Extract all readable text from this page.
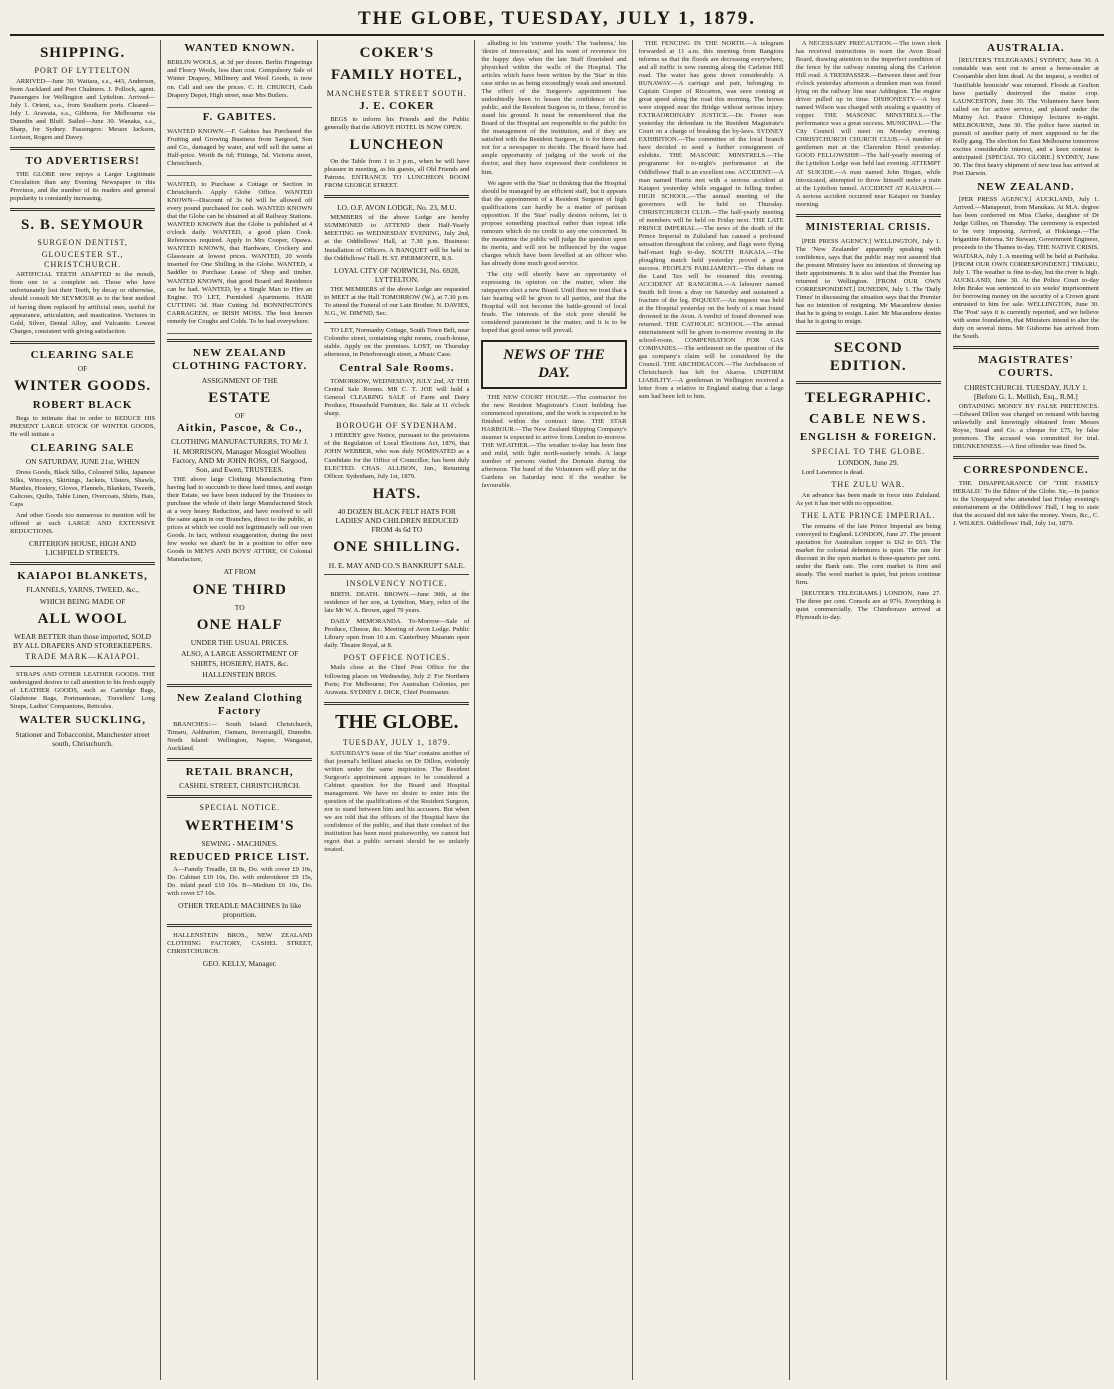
THE GLOBE, TUESDAY, JULY 1, 1879.
SHIPPING.
PORT OF LYTTELTON

ARRIVED—June 30. Waitara, s.s., 443, Anderson, from Auckland and Port Chalmers. J. Pollock, agent. Passengers for Wellington and Lyttelton. Arrived—July 1. Orient, s.s., from Southern ports. Cleared—July 1. Arawata, s.s., Gibbons, for Melbourne via Dunedin and Bluff. Sailed—June 30. Wanaka, s.s., Sharp, for Sydney. Passengers: Messrs Jackson, Lorison, Rogers and Davey.

TO ADVERTISERS!

THE GLOBE now enjoys a Larger Legitimate Circulation than any Evening Newspaper in this Province, and the number of its readers and general popularity is constantly increasing.

S. B. SEYMOUR
SURGEON DENTIST,
GLOUCESTER ST., CHRISTCHURCH.

ARTIFICIAL TEETH ADAPTED to the mouth, from one to a complete set. Those who have unfortunately lost their Teeth, by decay or otherwise, should consult Mr SEYMOUR as to the best method of having them replaced by artificial ones, useful for appearance, articulation, and mastication. Vectures in Gold, Silver, Dental Alloy, and Vulcanite. Lowest Charges, consistent with giving satisfaction.

CLEARING SALE
OF
WINTER GOODS.
ROBERT BLACK

Begs to intimate that in order to REDUCE HIS PRESENT LARGE STOCK OF WINTER GOODS, He will initiate a

CLEARING SALE
ON SATURDAY, JUNE 21st, WHEN

Dress Goods, Black Silks, Coloured Silks, Japanese Silks, Winceys, Skirtings, Jackets, Ulsters, Shawls, Mantles, Hosiery, Gloves, Flannels, Blankets, Tweeds, Calicoes, Quilts, Table Linen, Overcoats, Shirts, Hats, Caps

And other Goods too numerous to mention will be offered at such LARGE AND EXTENSIVE REDUCTIONS.

CRITERION HOUSE, HIGH AND LICHFIELD STREETS.
KAIAPOI BLANKETS,
FLANNELS, YARNS, TWEED, &c.,
WHICH BEING MADE OF
ALL WOOL
WEAR BETTER than those imported, SOLD BY ALL DRAPERS AND STOREKEEPERS.
TRADE MARK—KAIAPOI.

STRAPS AND OTHER LEATHER GOODS. THE undersigned desires to call attention to his fresh supply of LEATHER GOODS, such as Cartridge Bags, Gladstone Bags, Portmanteaus, Travellers' Long Straps, Ladies' Companions, Reticules.

WALTER SUCKLING,
Stationer and Tobacconist, Manchester street south, Christchurch.
WANTED KNOWN.

BERLIN WOOLS, at 3d per dozen. Berlin Fingerings and Fleecy Wools, less than cost. Compulsory Sale of Winter Drapery, Millinery and Wool Goods, is now on. Call and see the prices. C. H. CHURCH, Cash Drapery Depot, High street, near Mrs Butlers.

F. GABITES.

WANTED KNOWN.—F. Gabites has Purchased the Fruiting and Growing Business from Sargood, Son and Co., damaged by water, and will sell the same at Half-price. Worth 8s 6d; Fittings, 5d. Victoria street, Christchurch.

WANTED, to Purchase a Cottage or Section in Christchurch. Apply Globe Office. WANTED KNOWN—Discount of 3s 6d will be allowed off every pound purchased for cash. WANTED KNOWN that the Globe can be obtained at all Railway Stations. WANTED KNOWN that the Globe is published at 4 o'clock daily. WANTED, a good plain Cook. References required. Apply to Mrs Cooper, Opawa. WANTED KNOWN, that Hardware, Crockery and Glassware at lowest prices. WANTED, 20 words inserted for One Shilling in the Globe. WANTED, a Saddler to Purchase Lease of Shop and timber. WANTED KNOWN, that good Board and Residence can be had. WANTED, by a Single Man to Hire an Engine. TO LET, Furnished Apartments. HAIR CUTTING 3d. Hair Cutting 3d. BONNINGTON'S CARRAGEEN, or IRISH MOSS. The best known remedy for Coughs and Colds. To be had everywhere.

NEW ZEALAND CLOTHING FACTORY.
ASSIGNMENT OF THE
ESTATE
OF
Aitkin, Pascoe, & Co.,
CLOTHING MANUFACTURERS, TO Mr J. H. MORRISON, Manager Mosgiel Woollen Factory, AND Mr JOHN ROSS, Of Sargood, Son, and Ewen, TRUSTEES.

THE above large Clothing Manufacturing Firm having had to succumb to these hard times, and assign their Estate, we have been induced by the Trustees to purchase the whole of their large Manufactured Stock at a very heavy Reduction, and have resolved to sell the same again in our Branches, direct to the public, at prices at which we could not legitimately sell our own Goods. In fact, without exaggeration, during the next few weeks we shan't be in a position to offer new Goods in MEN'S AND BOYS' ATTIRE, Of Colonial Manufacture,

AT FROM
ONE THIRD
TO
ONE HALF
UNDER THE USUAL PRICES.
ALSO, A LARGE ASSORTMENT OF SHIRTS, HOSIERY, HATS, &c.
HALLENSTEIN BROS.
New Zealand Clothing Factory

BRANCHES:— South Island: Christchurch, Timaru, Ashburton, Oamaru, Invercargill, Dunedin. North Island: Wellington, Napier, Wanganui, Auckland.

RETAIL BRANCH,
CASHEL STREET, CHRISTCHURCH.
SPECIAL NOTICE.
WERTHEIM'S
SEWING - MACHINES.
REDUCED PRICE LIST.

A—Family Treadle, £8 8s, Do. with cover £9 10s, Do. Cabinet £10 10s, Do. with embroiderer £9 15s, Do. inlaid pearl £10 10s. B—Medium £6 10s, Do. with cover £7 10s.

OTHER TREADLE MACHINES In like proportion.

HALLENSTEIN BROS., NEW ZEALAND CLOTHING FACTORY, CASHEL STREET, CHRISTCHURCH.

GEO. KELLY, Manager.
COKER'S
FAMILY HOTEL,
MANCHESTER STREET SOUTH.
J. E. COKER

BEGS to inform his Friends and the Public generally that the ABOVE HOTEL IS NOW OPEN.

LUNCHEON

On the Table from 1 to 3 p.m., when he will have pleasure in meeting, as his guests, all Old Friends and Patrons. ENTRANCE TO LUNCHEON ROOM FROM GEORGE STREET.

I.O. O.F. AVON LODGE, No. 23, M.U.

MEMBERS of the above Lodge are hereby SUMMONED to ATTEND their Half-Yearly MEETING on WEDNESDAY EVENING, July 2nd, at the Oddfellows' Hall, at 7.30 p.m. Business: Installation of Officers. A BANQUET will be held in the Oddfellows' Hall. H. ST. PIERMONTE, R.S.

LOYAL CITY OF NORWICH, No. 6928, LYTTELTON.

THE MEMBERS of the above Lodge are requested to MEET at the Hall TOMORROW (W.), at 7.30 p.m. To attend the Funeral of our Late Brother. N. DAVIES, N.G., W. DIM'ND, Sec.

TO LET, Normanby Cottage, South Town Belt, near Colombo street, containing eight rooms, coach-house, stable. Apply on the premises. LOST, on Thursday afternoon, in Peterborough street, a Music Case.

Central Sale Rooms.

TOMORROW, WEDNESDAY, JULY 2nd, AT THE Central Sale Rooms. MR C. T. JOE will hold a General CLEARING SALE of Farm and Dairy Produce, Household Furniture, &c. Sale at 11 o'clock sharp.

BOROUGH OF SYDENHAM.

I HEREBY give Notice, pursuant to the provisions of the Regulation of Local Elections Act, 1876, that JOHN WEBBER, who was duly NOMINATED as a Candidate for the Office of Councillor, has been duly ELECTED. CHAS. ALLISON, Jun., Returning Officer. Sydenham, July 1st, 1879.

HATS.
40 DOZEN BLACK FELT HATS FOR LADIES' AND CHILDREN REDUCED FROM 4s 6d TO
ONE SHILLING.
H. E. MAY AND CO.'S BANKRUPT SALE.
INSOLVENCY NOTICE.

BIRTH. DEATH. BROWN.—June 30th, at the residence of her son, at Lyttelton, Mary, relict of the late Mr W. A. Brown, aged 79 years.

DAILY MEMORANDA. To-Morrow—Sale of Produce, Cheese, &c. Meeting of Avon Lodge. Public Library open from 10 a.m. Canterbury Museum open daily. Theatre Royal, at 8.

POST OFFICE NOTICES.

Mails close at the Chief Post Office for the following places on Wednesday, July 2: For Northern Ports; For Melbourne; For Australian Colonies, per Arawata. SYDNEY J. DICK, Chief Postmaster.

THE GLOBE.
TUESDAY, JULY 1, 1879.

SATURDAY'S issue of the 'Star' contains another of that journal's brilliant attacks on Dr Dillon, evidently written under the same inspiration. The Resident Surgeon's appointment appears to be considered a Cabinet question for the Board and Hospital management. We have no desire to enter into the question of the qualifications of the Resident Surgeon, nor to stand between him and his accusers. But when we are told that the officers of the Hospital have the confidence of the public, and that their conduct of the institution has been most praiseworthy, we cannot but regret that a public servant should be so unfairly treated.

alluding to his 'extreme youth.' The 'rashness,' his 'desire of innovation,' and his want of reverence for the happy days when the late Staff flourished and physicked within the walls of the Hospital. The articles which have been written by the 'Star' in this case strike us as being exceedingly weak and unsound. The effect of the Surgeon's appointment has undoubtedly been to lessen the confidence of the public, and the Resident Surgeon is, in these, forced to stand his ground. It must be remembered that the Board of the Hospital are responsible to the public for the management of the institution, and if they are satisfied with the Resident Surgeon, it is for them and not for a newspaper to decide. The Board have had ample opportunity of judging of the work of the doctor, and they have expressed their confidence in him.

We agree with the 'Star' in thinking that the Hospital should be managed by an efficient staff, but it appears that the appointment of a Resident Surgeon of high qualifications can hardly be a matter of partisan opposition. If the 'Star' really desires reform, let it propose something practical rather than repeat idle rumours which do no credit to any one concerned. In the meantime the public will judge the question upon its merits, and will not be influenced by the vague charges which have been levelled at an officer who has already done much good service.

The city will shortly have an opportunity of expressing its opinion on the matter, when the ratepayers elect a new Board. Until then we trust that a fair hearing will be given to all parties, and that the Hospital will not become the battle-ground of local feuds. The interests of the sick poor should be considered paramount in the matter, and it is to be hoped that good sense will prevail.

NEWS OF THE DAY.

THE NEW COURT HOUSE.—The contractor for the new Resident Magistrate's Court building has commenced operations, and the work is expected to be finished within the contract time. THE STAR HARBOUR.—The New Zealand Shipping Company's steamer is expected to arrive from London to-morrow. THE WEATHER.—The weather to-day has been fine and mild, with light north-easterly winds. A large number of persons visited the Domain during the afternoon. The band of the Volunteers will play in the Gardens on Saturday next if the weather be favourable.

THE FENCING IN THE NORTH.—A telegram forwarded at 11 a.m. this morning from Rangiora informs us that the floods are decreasing everywhere, and all traffic is now running along the Carleton Hill road. The water has gone down considerably. A RUNAWAY.—A carriage and pair, belonging to Captain Cooper of Riccarton, was seen coming at great speed along the road this morning. The horses were stopped near the Bridge without serious injury. EXTRAORDINARY JUSTICE.—Dr. Foster was yesterday the defendant in the Resident Magistrate's Court on a charge of breaking the by-laws. SYDNEY EXHIBITION.—The committee of the local branch have decided to send a further consignment of exhibits. THE MASONIC MINSTRELS.—The programme for to-night's performance at the Oddfellows' Hall is an excellent one. ACCIDENT.—A man named Harris met with a serious accident at Kaiapoi yesterday while engaged in felling timber. HIGH SCHOOL.—The annual meeting of the governors will be held on Thursday. CHRISTCHURCH CLUB.—The half-yearly meeting of members will be held on Friday next. THE LATE PRINCE IMPERIAL.—The news of the death of the Prince Imperial in Zululand has caused a profound sensation throughout the colony, and flags were flying half-mast high to-day. SOUTH RAKAIA.—The ploughing match held yesterday proved a great success. PEOPLE'S PARLIAMENT.—The debate on the Land Tax will be resumed this evening. ACCIDENT AT RANGIORA.—A labourer named Smith fell from a dray on Saturday and sustained a fracture of the leg. INQUEST.—An inquest was held at the Hospital yesterday on the body of a man found drowned in the Avon. A verdict of found drowned was returned. THE CATHOLIC SCHOOL.—The annual entertainment will be given to-morrow evening in the school-room. COMPENSATION FOR GAS COMPANIES.—The settlement on the question of the gas company's claim will be considered by the Council. THE ARCHDEACON.—The Archdeacon of Christchurch has left for Akaroa. UNIFORM LIABILITY.—A gentleman in Wellington received a letter from a relative in England stating that a large sum had been left to him.

A NECESSARY PRECAUTION.—The town clerk has received instructions to warn the Avon Road Board, drawing attention to the imperfect condition of the fence by the railway running along the Carleton Hill road. A TRESPASSER.—Between three and four o'clock yesterday afternoon a drunken man was found lying on the railway line near Addington. The engine driver pulled up in time. DISHONESTY.—A boy named Wilson was charged with stealing a quantity of copper. THE MASONIC MINSTRELS.—The performance was a great success. MUNICIPAL.—The City Council will meet on Monday evening. CHRISTCHURCH CHURCH CLUB.—A number of gentlemen met at the Clarendon Hotel yesterday. GOOD FELLOWSHIP.—The half-yearly meeting of the Lyttelton Lodge was held last evening. ATTEMPT AT SUICIDE.—A man named John Hogan, while intoxicated, attempted to throw himself under a train at the Lyttelton tunnel. ACCIDENT AT KAIAPOI.—A serious accident occurred near Kaiapoi on Sunday morning.

MINISTERIAL CRISIS.

[PER PRESS AGENCY.] WELLINGTON, July 1. The 'New Zealander' apparently speaking with confidence, says that the public may rest assured that the present Ministry have no intention of throwing up their appointments. It is also said that the Premier has returned to Wellington. [FROM OUR OWN CORRESPONDENT.] DUNEDIN, July 1. The 'Daily Times' in discussing the situation says that the Premier has no intention of resigning. Mr Macandrew denies that he is going to resign. Later. Mr Macandrew denies that he is going to resign.

SECOND EDITION.
TELEGRAPHIC.
CABLE NEWS.
ENGLISH & FOREIGN.
SPECIAL TO THE GLOBE.
LONDON, June 29.

Lord Lawrence is dead.

THE ZULU WAR.

An advance has been made in force into Zululand. As yet it has met with no opposition.

THE LATE PRINCE IMPERIAL.

The remains of the late Prince Imperial are being conveyed to England. LONDON, June 27. The present quotation for Australian copper is £62 to £63. The market for colonial debentures is quiet. The rate for discount in the open market is three-quarters per cent. under the Bank rate. The corn market is firm and steady. The wool market is quiet, but prices continue firm.

[REUTER'S TELEGRAMS.] LONDON, June 27. The three per cent. Consols are at 97¾. Everything is quiet commercially. The Chimborazo arrived at Plymouth to-day.

AUSTRALIA.

[REUTER'S TELEGRAMS.] SYDNEY, June 30. A constable was sent out to arrest a horse-stealer at Coonamble shot him dead. At the inquest, a verdict of 'Justifiable homicide' was returned. Floods at Grafton have partially destroyed the maize crop. LAUNCESTON, June 30. The Volunteers have been called on for active service, and placed under the Mutiny Act. Pastor Chiniquy lectures to-night. MELBOURNE, June 30. The police have started in pursuit of another party of men supposed to be the Kelly gang. The election for East Melbourne tomorrow excites considerable interest, and a keen contest is anticipated. [SPECIAL TO GLOBE.] SYDNEY, June 30. The first heavy shipment of new teas has arrived at Port Darwin.

NEW ZEALAND.

[PER PRESS AGENCY.] AUCKLAND, July 1. Arrived.—Manapouri, from Manukau. At M.A. degree has been conferred on Miss Clarke, daughter of Dr Judge Gillies, on Thursday. The ceremony is expected to be very imposing. Arrived, at Hokianga.—The brigantine Rotorua. Sir Stewart, Government Engineer, proceeds to the Thames to-day. THE NATIVE CRISIS. WAITARA, July 1. A meeting will be held at Parihaka. [FROM OUR OWN CORRESPONDENT.] TIMARU, July 1. The weather is fine to-day, but the river is high. AUCKLAND, June 30. At the Police Court to-day John Brake was sentenced to six weeks' imprisonment for borrowing money on the security of a Crown grant entrusted to him for sale. WELLINGTON, June 30. The 'Post' says it is currently reported, and we believe with some foundation, that Ministers intend to alter the duty on several items. Mr Gisborne has arrived from the South.

MAGISTRATES' COURTS.
CHRISTCHURCH. TUESDAY, JULY 1. [Before G. L. Mellish, Esq., R.M.]

OBTAINING MONEY BY FALSE PRETENCES.—Edward Dillon was charged on remand with having unlawfully and knowingly obtained from Messrs Royse, Stead and Co. a cheque for £75, by false pretences. The accused was committed for trial. DRUNKENNESS.—A first offender was fined 5s.

CORRESPONDENCE.

THE DISAPPEARANCE OF 'THE FAMILY HERALD.' To the Editor of the Globe. Sir,—In justice to the Unoquayed who attended last Friday evening's entertainment at the Oddfellows' Hall, I beg to state that the accused did not take the money. Yours, &c., C. J. WILKES. Oddfellows' Hall, July 1st, 1879.
